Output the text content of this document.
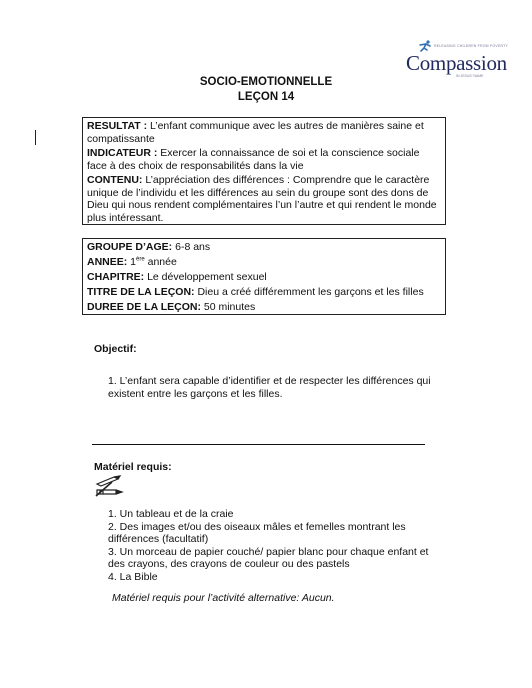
RELEASING CHILDREN FROM POVERTY
Compassion
IN JESUS' NAME
SOCIO-EMOTIONNELLE
LEÇON 14

RESULTAT : L’enfant communique avec les autres de manières saine et compatissante

INDICATEUR : Exercer la connaissance de soi et la conscience sociale face à des choix de responsabilités dans la vie

CONTENU: L’appréciation des différences : Comprendre que le caractère unique de l’individu et les différences au sein du groupe sont des dons de Dieu qui nous rendent complémentaires l’un l’autre et qui rendent le monde plus intéressant.

GROUPE D’AGE: 6-8 ans

ANNEE: 1ère année

CHAPITRE: Le développement sexuel

TITRE DE LA LEÇON: Dieu a créé différemment les garçons et les filles

DUREE DE LA LEÇON: 50 minutes

Objectif:
1. L’enfant sera capable d’identifier et de respecter les différences qui existent entre les garçons et les filles.
Matériel requis:
1. Un tableau et de la craie
2. Des images et/ou des oiseaux mâles et femelles montrant les différences (facultatif)
3. Un morceau de papier couché/ papier blanc pour chaque enfant et des crayons, des crayons de couleur ou des pastels
4. La Bible
Matériel requis pour l’activité alternative: Aucun.
